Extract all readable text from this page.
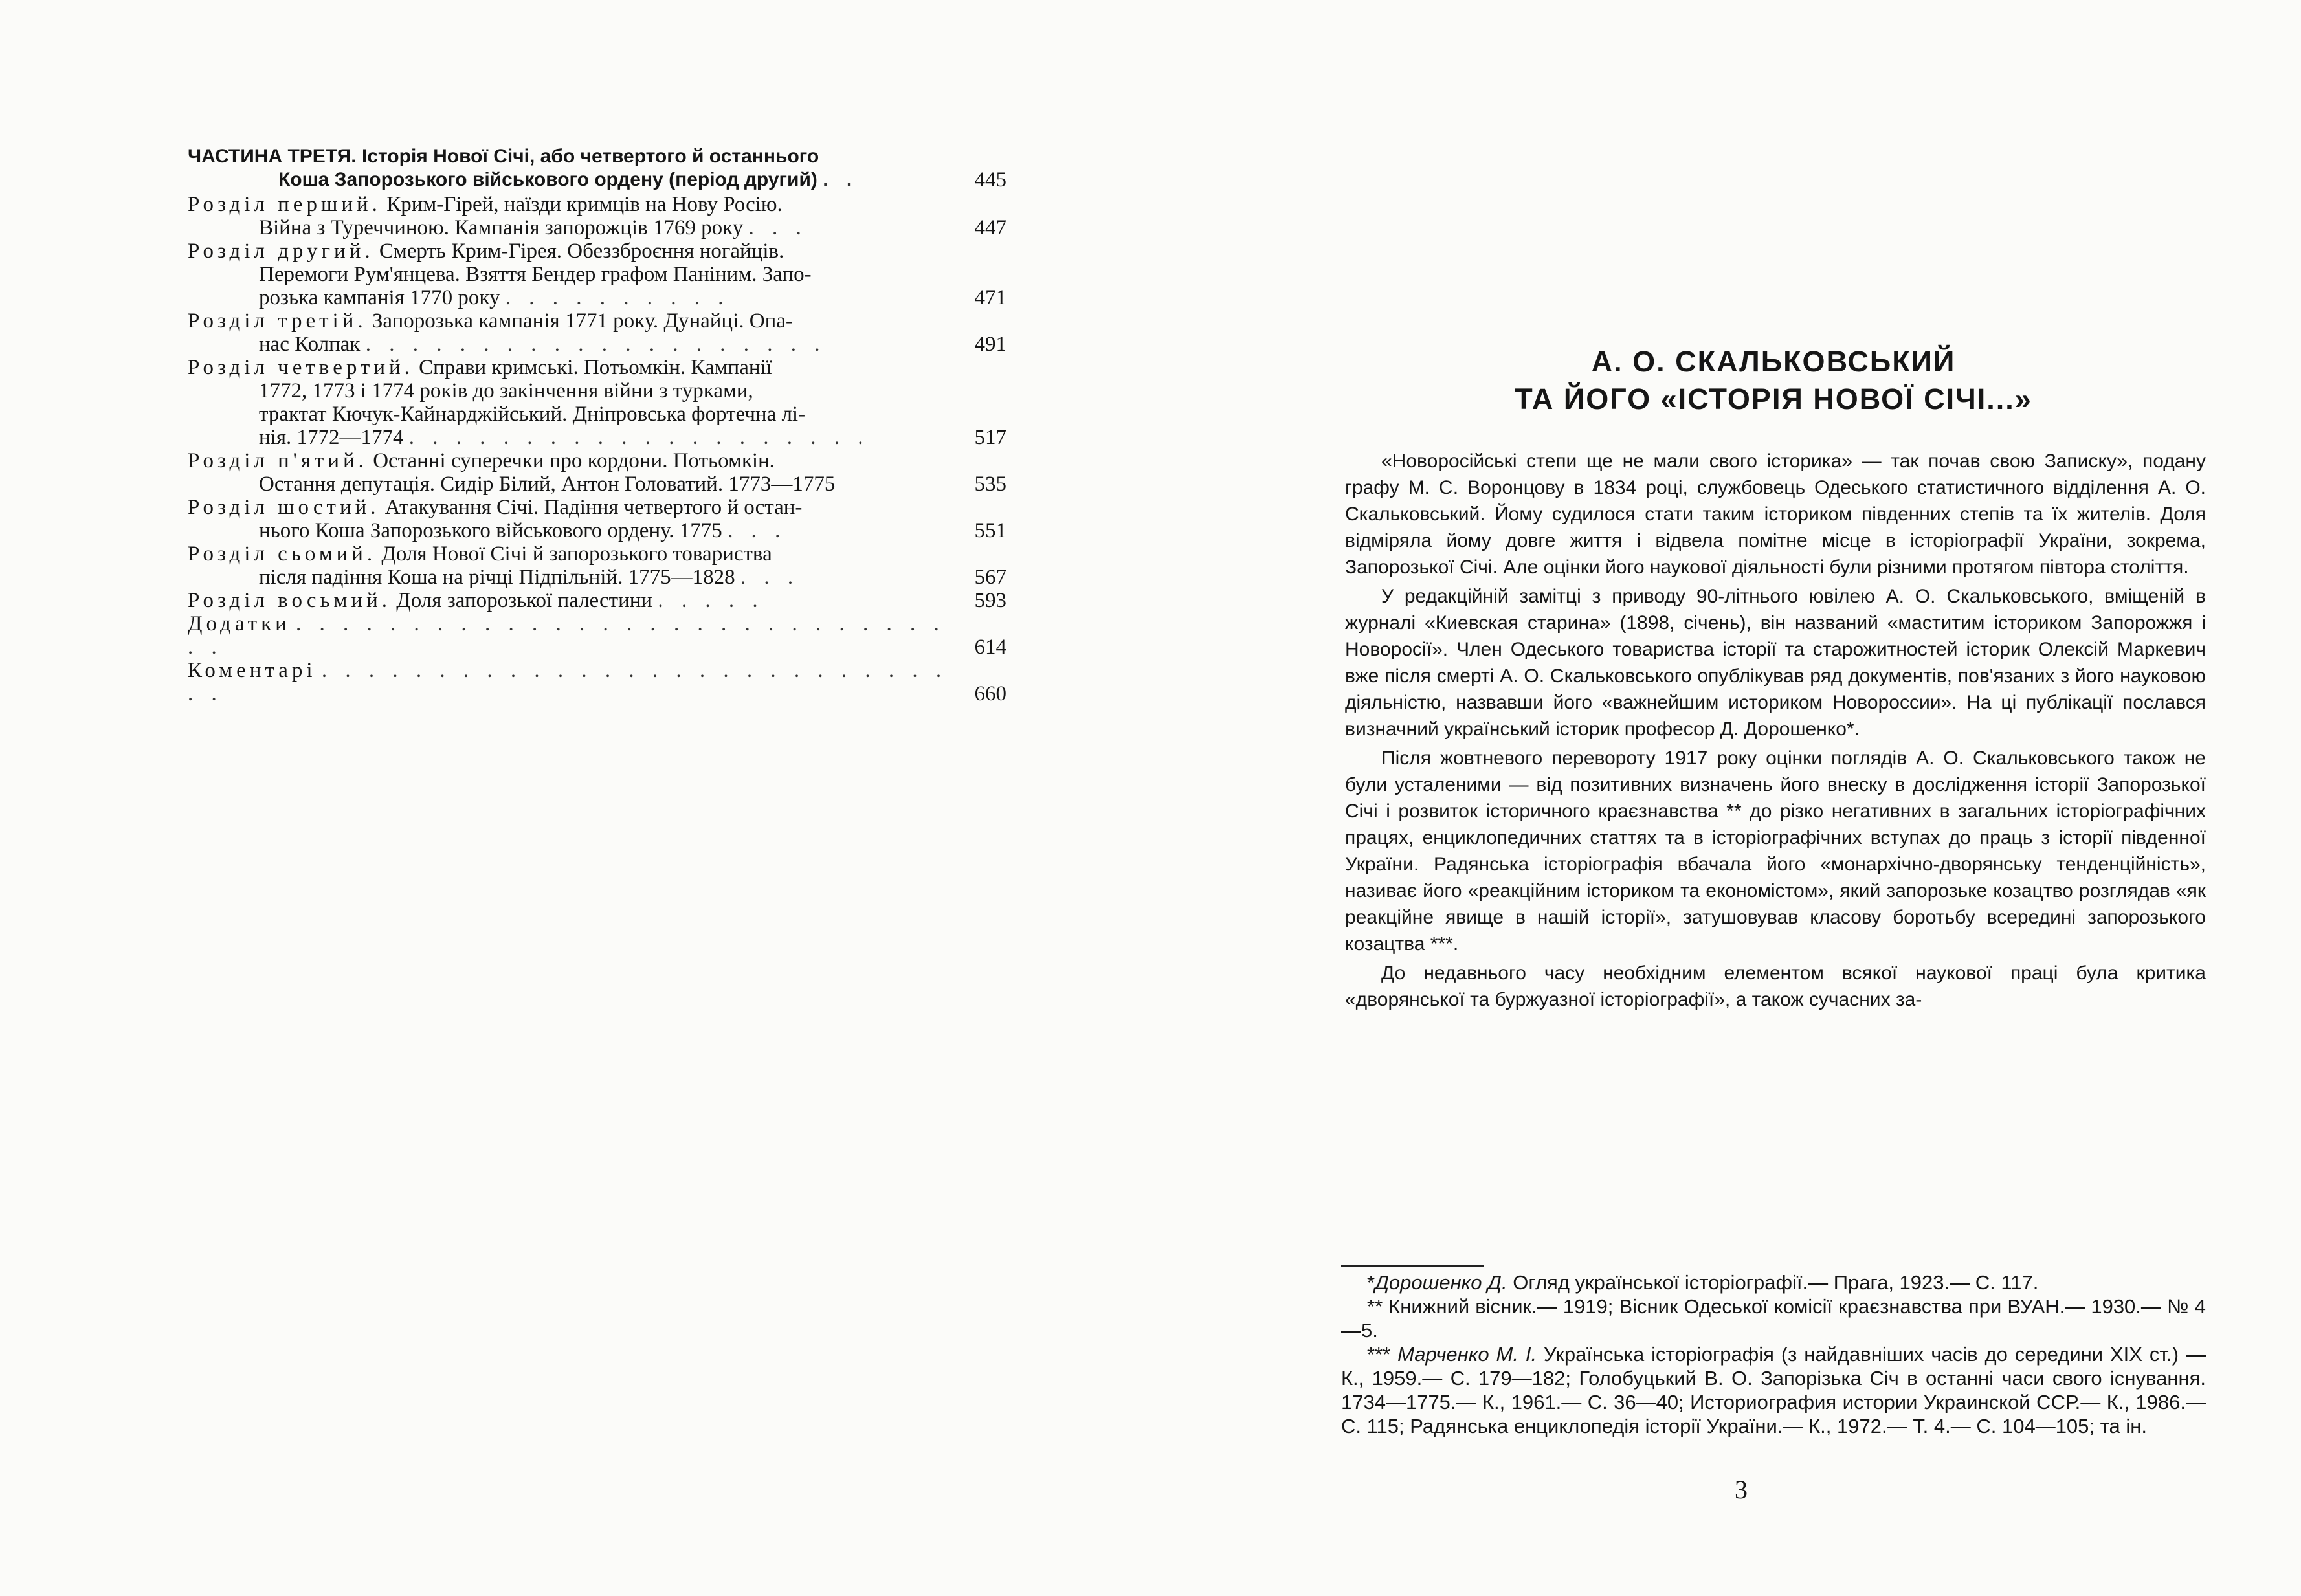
ЧАСТИНА ТРЕТЯ. Історія Нової Січі, або четвертого й останнього
Коша Запорозького військового ордену (період другий) . .	445
Розділ перший. Крим-Гірей, наїзди кримців на Нову Росію.
Війна з Туреччиною. Кампанія запорожців 1769 року . . .	447
Розділ другий. Смерть Крим-Гірея. Обеззброєння ногайців.
Перемоги Рум'янцева. Взяття Бендер графом Паніним. Запо-
розька кампанія 1770 року . . . . . . . . . .	471
Розділ третій. Запорозька кампанія 1771 року. Дунайці. Опа-
нас Колпак . . . . . . . . . . . . . . . . . . . .	491
Розділ четвертий. Справи кримські. Потьомкін. Кампанії
1772, 1773 і 1774 років до закінчення війни з турками,
трактат Кючук-Кайнарджійський. Дніпровська фортечна лі-
нія. 1772—1774 . . . . . . . . . . . . . . . . . . . .	517
Розділ п'ятий. Останні суперечки про кордони. Потьомкін.
Остання депутація. Сидір Білий, Антон Головатий. 1773—1775	535
Розділ шостий. Атакування Січі. Падіння четвертого й остан-
нього Коша Запорозького військового ордену. 1775 . . .	551
Розділ сьомий. Доля Нової Січі й запорозького товариства
після падіння Коша на річці Підпільній. 1775—1828 . . .	567
Розділ восьмий. Доля запорозької палестини . . . . .	593
Додатки . . . . . . . . . . . . . . . . . . . . . . . . . . . . . .	614
Коментарі . . . . . . . . . . . . . . . . . . . . . . . . . . . . .	660
А. О. СКАЛЬКОВСЬКИЙ
ТА ЙОГО «ІСТОРІЯ НОВОЇ СІЧІ...»

«Новоросійські степи ще не мали свого історика» — так почав свою Записку», подану графу М. С. Воронцову в 1834 році, службовець Одеського статистичного відділення А. О. Скальковський. Йому судилося стати таким істориком південних степів та їх жителів. Доля відміряла йому довге життя і відвела помітне місце в історіографії України, зокрема, Запорозької Січі. Але оцінки його наукової діяльності були різними протягом півтора століття.

У редакційній замітці з приводу 90-літнього ювілею А. О. Скальковського, вміщеній в журналі «Киевская старина» (1898, січень), він названий «маститим істориком Запорожжя і Новоросії». Член Одеського товариства історії та старожитностей історик Олексій Маркевич вже після смерті А. О. Скальковського опублікував ряд документів, пов'язаних з його науковою діяльністю, назвавши його «важнейшим историком Новороссии». На ці публікації послався визначний український історик професор Д. Дорошенко*.

Після жовтневого перевороту 1917 року оцінки поглядів А. О. Скальковського також не були усталеними — від позитивних визначень його внеску в дослідження історії Запорозької Січі і розвиток історичного краєзнавства ** до різко негативних в загальних історіографічних працях, енциклопедичних статтях та в історіографічних вступах до праць з історії південної України. Радянська історіографія вбачала його «монархічно-дворянську тенденційність», називає його «реакційним істориком та економістом», який запорозьке козацтво розглядав «як реакційне явище в нашій історії», затушовував класову боротьбу всередині запорозького козацтва ***.

До недавнього часу необхідним елементом всякої наукової праці була критика «дворянської та буржуазної історіографії», а також сучасних за-

*Дорошенко Д. Огляд української історіографії.— Прага, 1923.— С. 117.

** Книжний вісник.— 1919; Вісник Одеської комісії краєзнавства при ВУАН.— 1930.— № 4—5.

*** Марченко М. І. Українська історіографія (з найдавніших часів до середини XIX ст.) — К., 1959.— С. 179—182; Голобуцький В. О. Запорізька Січ в останні часи свого існування. 1734—1775.— К., 1961.— С. 36—40; Историография истории Украинской ССР.— К., 1986.— С. 115; Радянська енциклопедія історії України.— К., 1972.— Т. 4.— С. 104—105; та ін.

3
